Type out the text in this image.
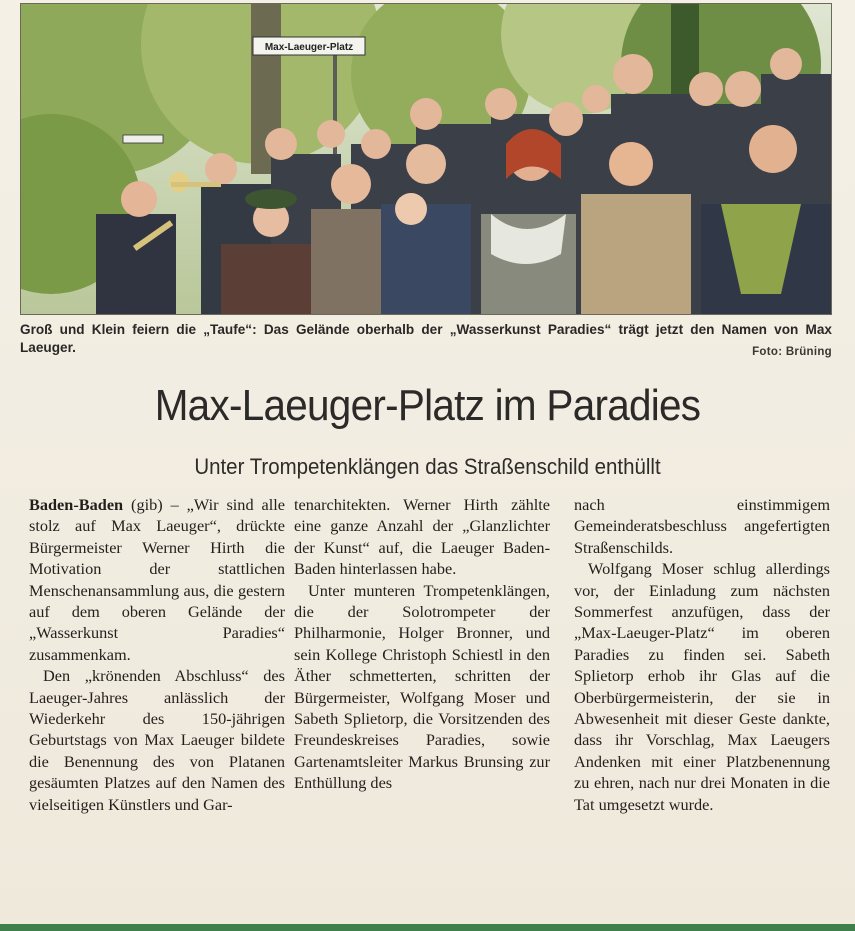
Max-Laeuger-Platz
Groß und Klein feiern die „Taufe“: Das Gelände oberhalb der „Wasserkunst Paradies“ trägt jetzt den Namen von Max Laeuger.	Foto: Brüning
Max-Laeuger-Platz im Paradies
Unter Trompetenklängen das Straßenschild enthüllt

Baden-Baden (gib) – „Wir sind alle stolz auf Max Laeuger“, drückte Bürgermeister Werner Hirth die Motivation der stattlichen Menschenansammlung aus, die gestern auf dem oberen Gelände der „Wasserkunst Paradies“ zusammenkam.

Den „krönenden Abschluss“ des Laeuger-Jahres anlässlich der Wiederkehr des 150-jährigen Geburtstags von Max Laeuger bildete die Benennung des von Platanen gesäumten Platzes auf den Namen des vielseitigen Künstlers und Gar-

tenarchitekten. Werner Hirth zählte eine ganze Anzahl der „Glanzlichter der Kunst“ auf, die Laeuger Baden-Baden hinterlassen habe.

Unter munteren Trompetenklängen, die der Solotrompeter der Philharmonie, Holger Bronner, und sein Kollege Christoph Schiestl in den Äther schmetterten, schritten der Bürgermeister, Wolfgang Moser und Sabeth Splietorp, die Vorsitzenden des Freundeskreises Paradies, sowie Gartenamtsleiter Markus Brunsing zur Enthüllung des

nach einstimmigem Gemeinderatsbeschluss angefertigten Straßenschilds.

Wolfgang Moser schlug allerdings vor, der Einladung zum nächsten Sommerfest anzufügen, dass der „Max-Laeuger-Platz“ im oberen Paradies zu finden sei. Sabeth Splietorp erhob ihr Glas auf die Oberbürgermeisterin, der sie in Abwesenheit mit dieser Geste dankte, dass ihr Vorschlag, Max Laeugers Andenken mit einer Platzbenennung zu ehren, nach nur drei Monaten in die Tat umgesetzt wurde.
